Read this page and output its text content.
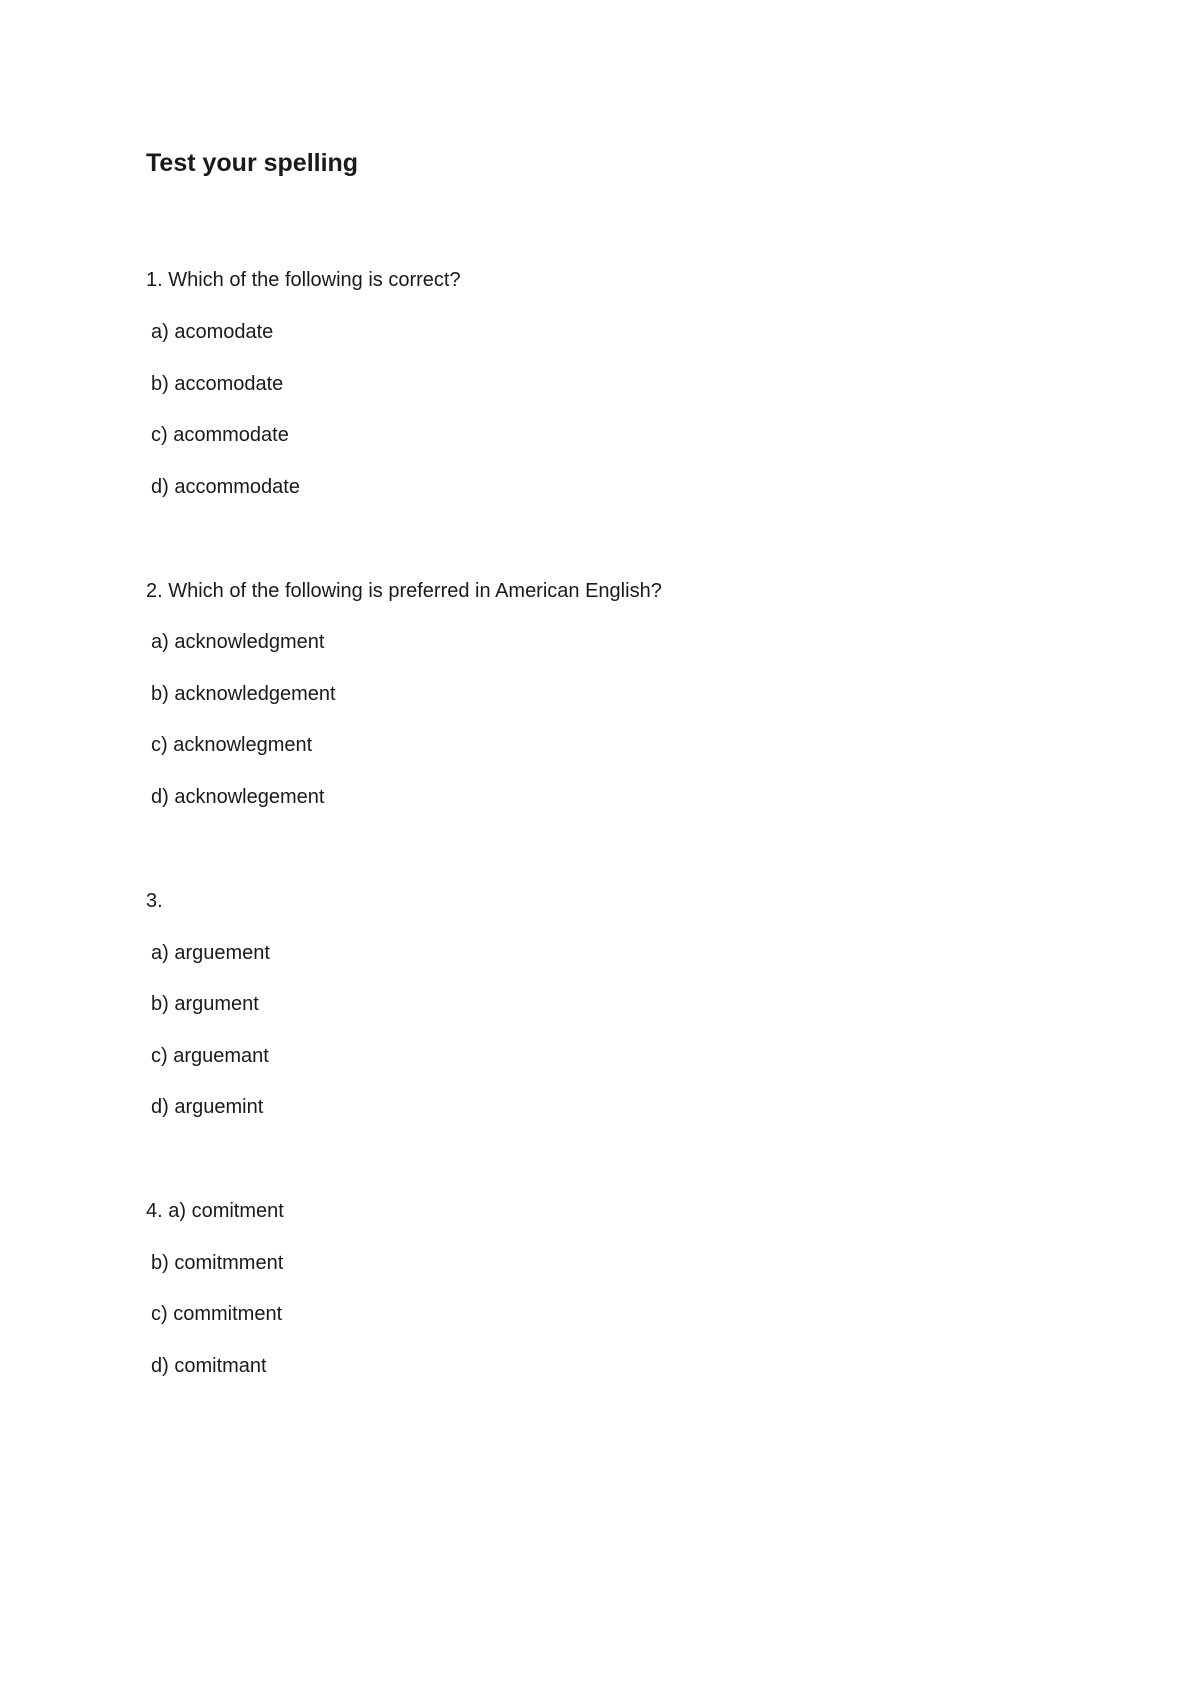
Test your spelling
1. Which of the following is correct?
a) acomodate
b) accomodate
c) acommodate
d) accommodate
2. Which of the following is preferred in American English?
a) acknowledgment
b) acknowledgement
c) acknowlegment
d) acknowlegement
3.
a) arguement
b) argument
c) arguemant
d) arguemint
4. a) comitment
b) comitmment
c) commitment
d) comitmant
